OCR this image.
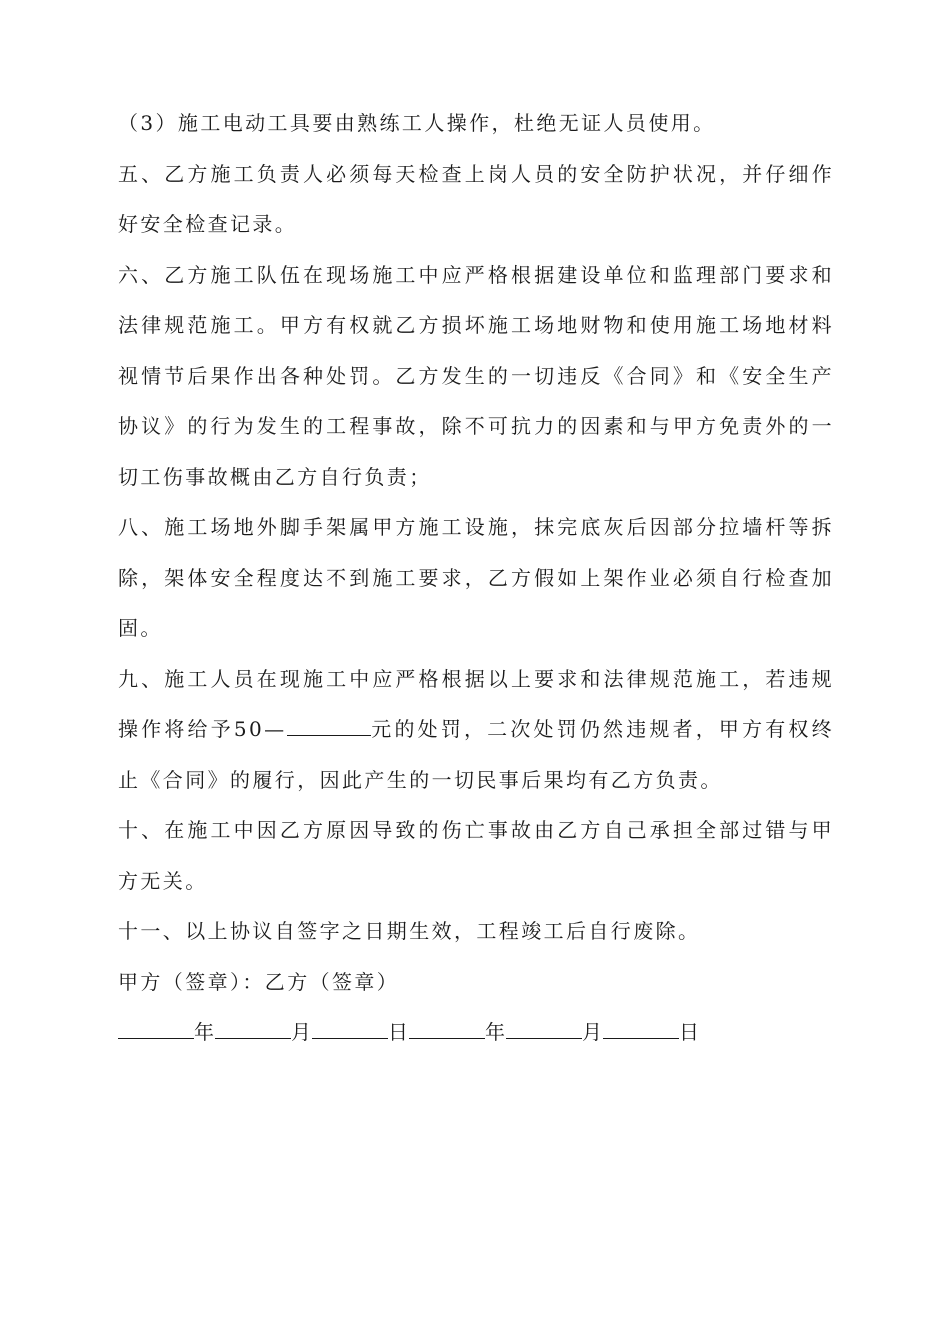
（3）施工电动工具要由熟练工人操作，杜绝无证人员使用。

五、乙方施工负责人必须每天检查上岗人员的安全防护状况，并仔细作好安全检查记录。

六、乙方施工队伍在现场施工中应严格根据建设单位和监理部门要求和法律规范施工。甲方有权就乙方损坏施工场地财物和使用施工场地材料视情节后果作出各种处罚。乙方发生的一切违反《合同》和《安全生产协议》的行为发生的工程事故，除不可抗力的因素和与甲方免责外的一切工伤事故概由乙方自行负责；

八、施工场地外脚手架属甲方施工设施，抹完底灰后因部分拉墙杆等拆除，架体安全程度达不到施工要求，乙方假如上架作业必须自行检查加固。

九、施工人员在现施工中应严格根据以上要求和法律规范施工，若违规操作将给予50—	元的处罚，二次处罚仍然违规者，甲方有权终止《合同》的履行，因此产生的一切民事后果均有乙方负责。

十、在施工中因乙方原因导致的伤亡事故由乙方自己承担全部过错与甲方无关。

十一、以上协议自签字之日期生效，工程竣工后自行废除。

甲方（签章）：乙方（签章）

年	月	日	年	月	日
